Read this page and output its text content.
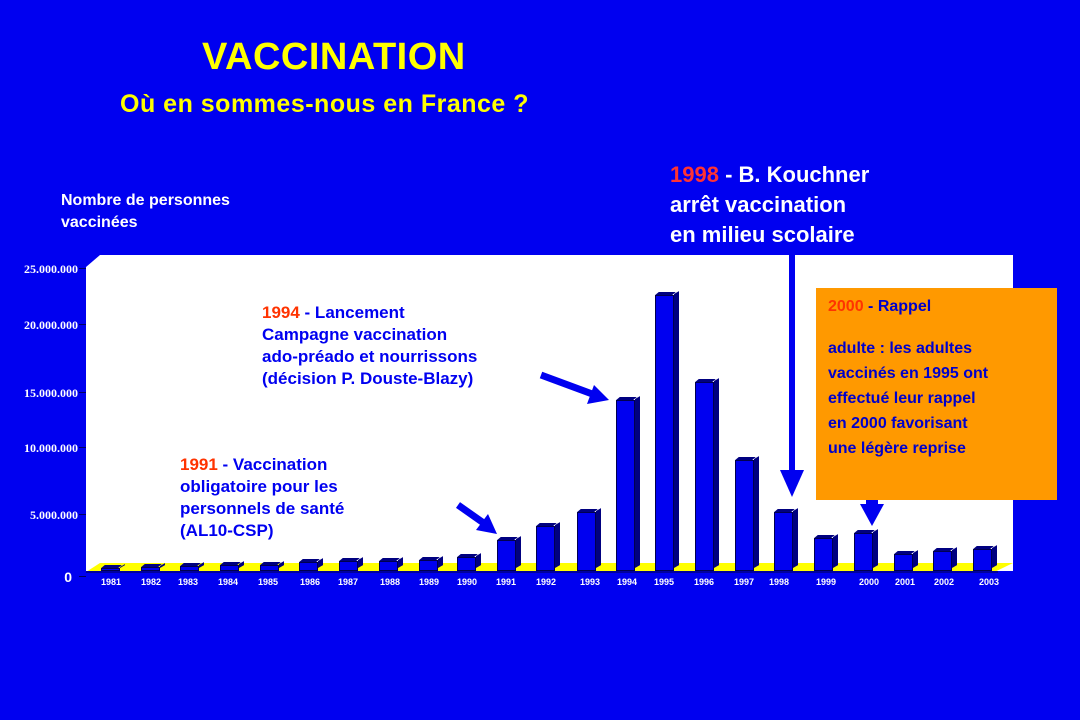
VACCINATION
Où en sommes-nous en France ?
Nombre de personnes
vaccinées
25.000.000
20.000.000
15.000.000
10.000.000
5.000.000
0	1981 1982 1983 1984 1985 1986 1987 1988 1989 1990 1991 1992	1993 1994 1995 1996 1997 1998	1999	2000 2001 2002	2003
1991 - Vaccination
obligatoire pour les
personnels de santé
(AL10-CSP)
1994 - Lancement
Campagne vaccination
ado-préado et nourrissons
(décision P. Douste-Blazy)
1998 - B. Kouchner
arrêt vaccination
en milieu scolaire
2000 - Rappel
adulte : les adultes
vaccinés en 1995 ont
effectué leur rappel
en 2000 favorisant
une légère reprise
